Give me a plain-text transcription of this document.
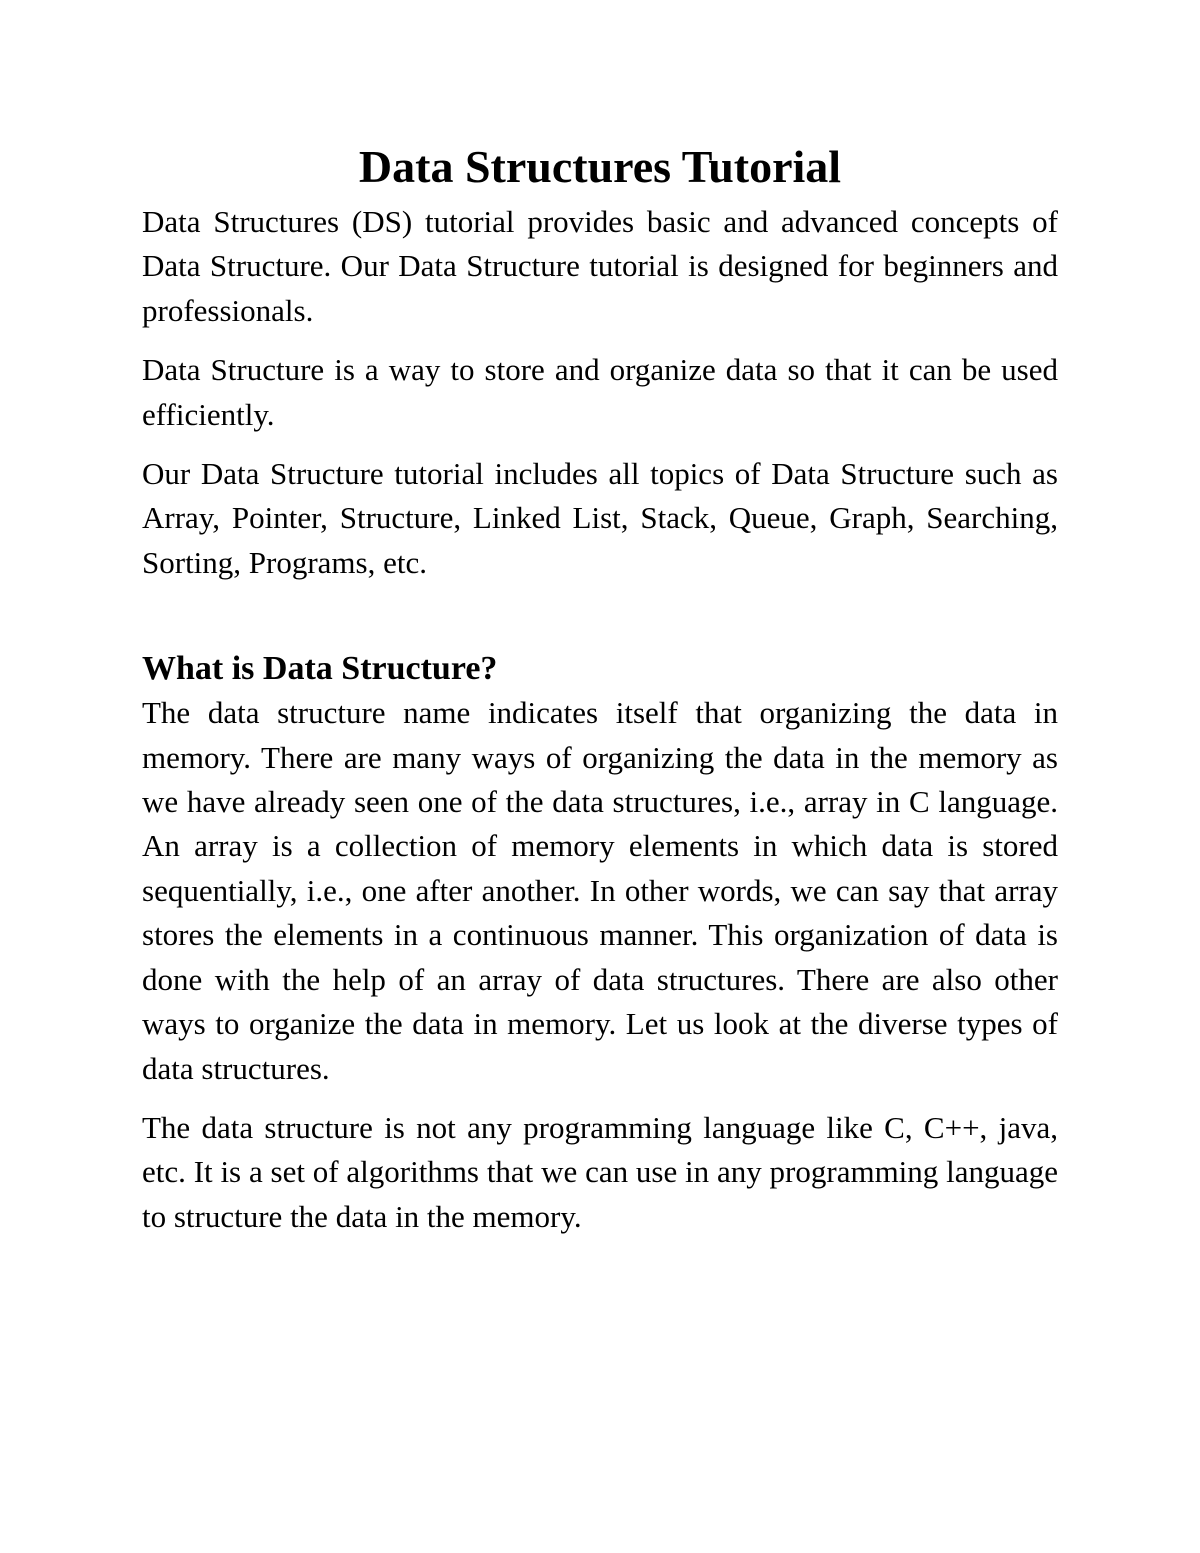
Data Structures Tutorial

Data Structures (DS) tutorial provides basic and advanced concepts of Data Structure. Our Data Structure tutorial is designed for beginners and professionals.

Data Structure is a way to store and organize data so that it can be used efficiently.

Our Data Structure tutorial includes all topics of Data Structure such as Array, Pointer, Structure, Linked List, Stack, Queue, Graph, Searching, Sorting, Programs, etc.

What is Data Structure?

The data structure name indicates itself that organizing the data in memory. There are many ways of organizing the data in the memory as we have already seen one of the data structures, i.e., array in C language. An array is a collection of memory elements in which data is stored sequentially, i.e., one after another. In other words, we can say that array stores the elements in a continuous manner. This organization of data is done with the help of an array of data structures. There are also other ways to organize the data in memory. Let us look at the diverse types of data structures.

The data structure is not any programming language like C, C++, java, etc. It is a set of algorithms that we can use in any programming language to structure the data in the memory.
